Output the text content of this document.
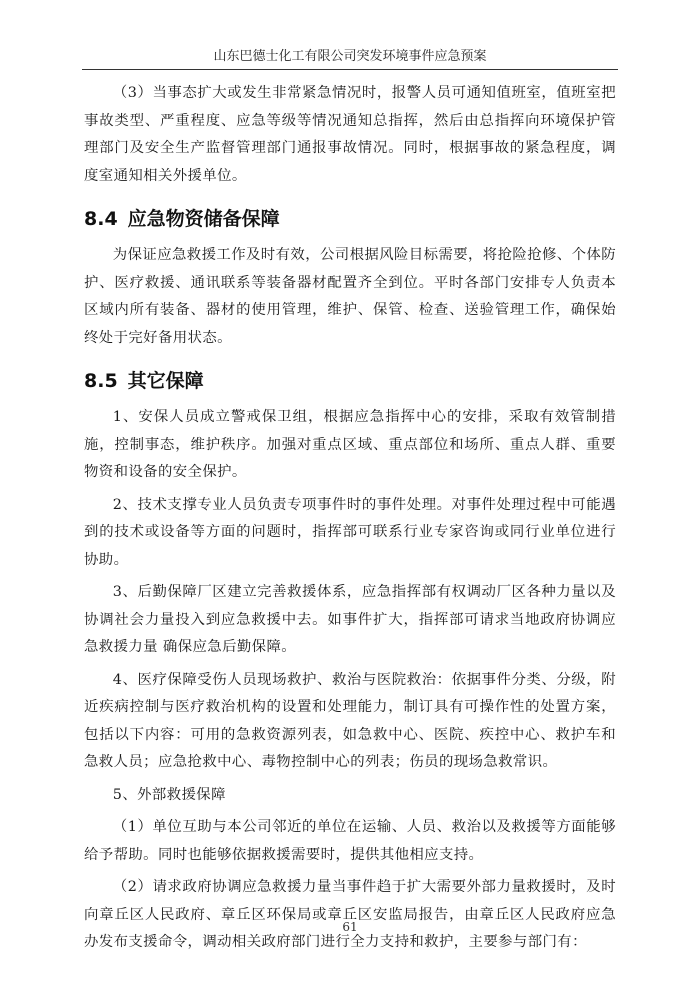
山东巴德士化工有限公司突发环境事件应急预案

（3）当事态扩大或发生非常紧急情况时，报警人员可通知值班室，值班室把事故类型、严重程度、应急等级等情况通知总指挥，然后由总指挥向环境保护管理部门及安全生产监督管理部门通报事故情况。同时，根据事故的紧急程度，调度室通知相关外援单位。

8.4 应急物资储备保障

为保证应急救援工作及时有效，公司根据风险目标需要，将抢险抢修、个体防护、医疗救援、通讯联系等装备器材配置齐全到位。平时各部门安排专人负责本区域内所有装备、器材的使用管理，维护、保管、检查、送验管理工作，确保始终处于完好备用状态。

8.5 其它保障

1、安保人员成立警戒保卫组，根据应急指挥中心的安排，采取有效管制措施，控制事态，维护秩序。加强对重点区域、重点部位和场所、重点人群、重要物资和设备的安全保护。

2、技术支撑专业人员负责专项事件时的事件处理。对事件处理过程中可能遇到的技术或设备等方面的问题时，指挥部可联系行业专家咨询或同行业单位进行协助。

3、后勤保障厂区建立完善救援体系，应急指挥部有权调动厂区各种力量以及协调社会力量投入到应急救援中去。如事件扩大，指挥部可请求当地政府协调应急救援力量 确保应急后勤保障。

4、医疗保障受伤人员现场救护、救治与医院救治：依据事件分类、分级，附近疾病控制与医疗救治机构的设置和处理能力，制订具有可操作性的处置方案，包括以下内容：可用的急救资源列表，如急救中心、医院、疾控中心、救护车和急救人员；应急抢救中心、毒物控制中心的列表；伤员的现场急救常识。

5、外部救援保障

（1）单位互助与本公司邻近的单位在运输、人员、救治以及救援等方面能够给予帮助。同时也能够依据救援需要时，提供其他相应支持。

（2）请求政府协调应急救援力量当事件趋于扩大需要外部力量救援时，及时向章丘区人民政府、章丘区环保局或章丘区安监局报告，由章丘区人民政府应急办发布支援命令，调动相关政府部门进行全力支持和救护，主要参与部门有：

61
